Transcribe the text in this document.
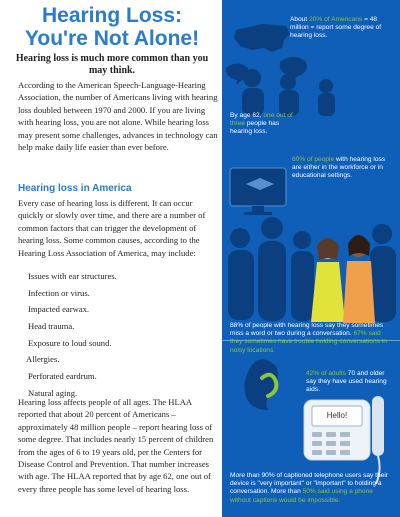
Hearing Loss:
You're Not Alone!
Hearing loss is much more common than you may think.
According to the American Speech-Language-Hearing Association, the number of Americans living with hearing loss doubled between 1970 and 2000. If you are living with hearing loss, you are not alone. While hearing loss may present some challenges, advances in technology can help make daily life easier than ever before.
Hearing loss in America
Every case of hearing loss is different. It can occur quickly or slowly over time, and there are a number of common factors that can trigger the development of hearing loss. Some common causes, according to the Hearing Loss Association of America, may include:
Issues with ear structures.
Infection or virus.
Impacted earwax.
Head trauma.
Exposure to loud sound.
Allergies.
Perforated eardrum.
Natural aging.
Hearing loss affects people of all ages. The HLAA reported that about 20 percent of Americans – approximately 48 million people – report hearing loss of some degree. That includes nearly 15 percent of children from the ages of 6 to 19 years old, per the Centers for Disease Control and Prevention. That number increases with age. The HLAA reported that by age 62, one out of every three people has some level of hearing loss.
About 20% of Americans = 48 million = report some degree of hearing loss.
By age 62, one out of three people has hearing loss.
60% of people with hearing loss are either in the workforce or in educational settings.
88% of people with hearing loss say they sometimes miss a word or two during a conversation. 67% said they sometimes have trouble holding conversations in noisy locations.
42% of adults 70 and older say they have used hearing aids.
Hello!
More than 90% of captioned telephone users say their device is "very important" or "important" to holding a conversation. More than 50% said using a phone without captions would be impossible.
